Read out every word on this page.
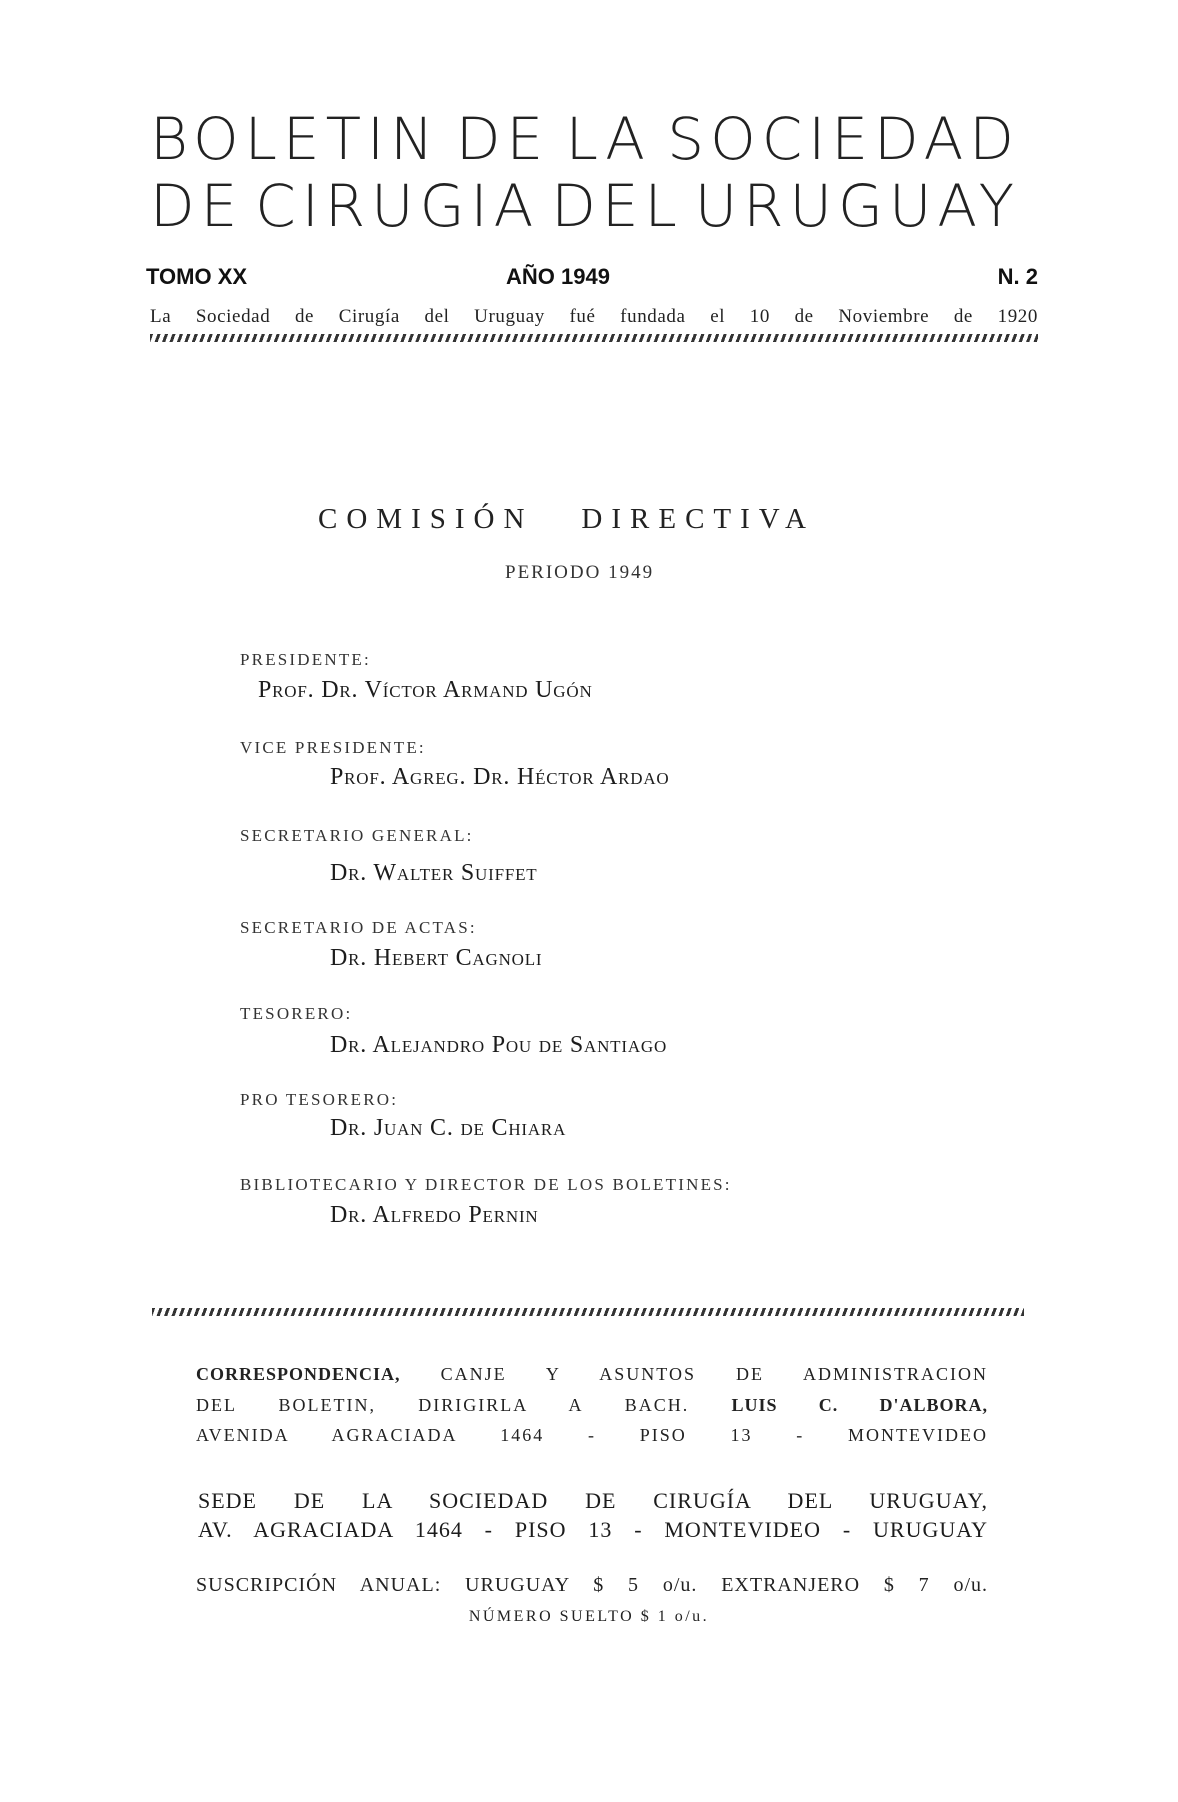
BOLETIN DE LA SOCIEDAD
DE CIRUGIA DEL URUGUAY
TOMO XX	AÑO 1949	N. 2
La Sociedad de Cirugía del Uruguay fué fundada el 10 de Noviembre de 1920
COMISIÓN DIRECTIVA
PERIODO 1949
PRESIDENTE:
Prof. Dr. Víctor Armand Ugón
VICE PRESIDENTE:
Prof. Agreg. Dr. Héctor Ardao
SECRETARIO GENERAL:
Dr. Walter Suiffet
SECRETARIO DE ACTAS:
Dr. Hebert Cagnoli
TESORERO:
Dr. Alejandro Pou de Santiago
PRO TESORERO:
Dr. Juan C. de Chiara
BIBLIOTECARIO Y DIRECTOR DE LOS BOLETINES:
Dr. Alfredo Pernin
CORRESPONDENCIA, CANJE Y ASUNTOS DE ADMINISTRACION
DEL BOLETIN, DIRIGIRLA A BACH. LUIS C. D'ALBORA,
AVENIDA AGRACIADA 1464 - PISO 13 - MONTEVIDEO
SEDE DE LA SOCIEDAD DE CIRUGÍA DEL URUGUAY,
AV. AGRACIADA 1464 - PISO 13 - MONTEVIDEO - URUGUAY
SUSCRIPCIÓN ANUAL: URUGUAY $ 5 o/u. EXTRANJERO $ 7 o/u.
NÚMERO SUELTO $ 1 o/u.
